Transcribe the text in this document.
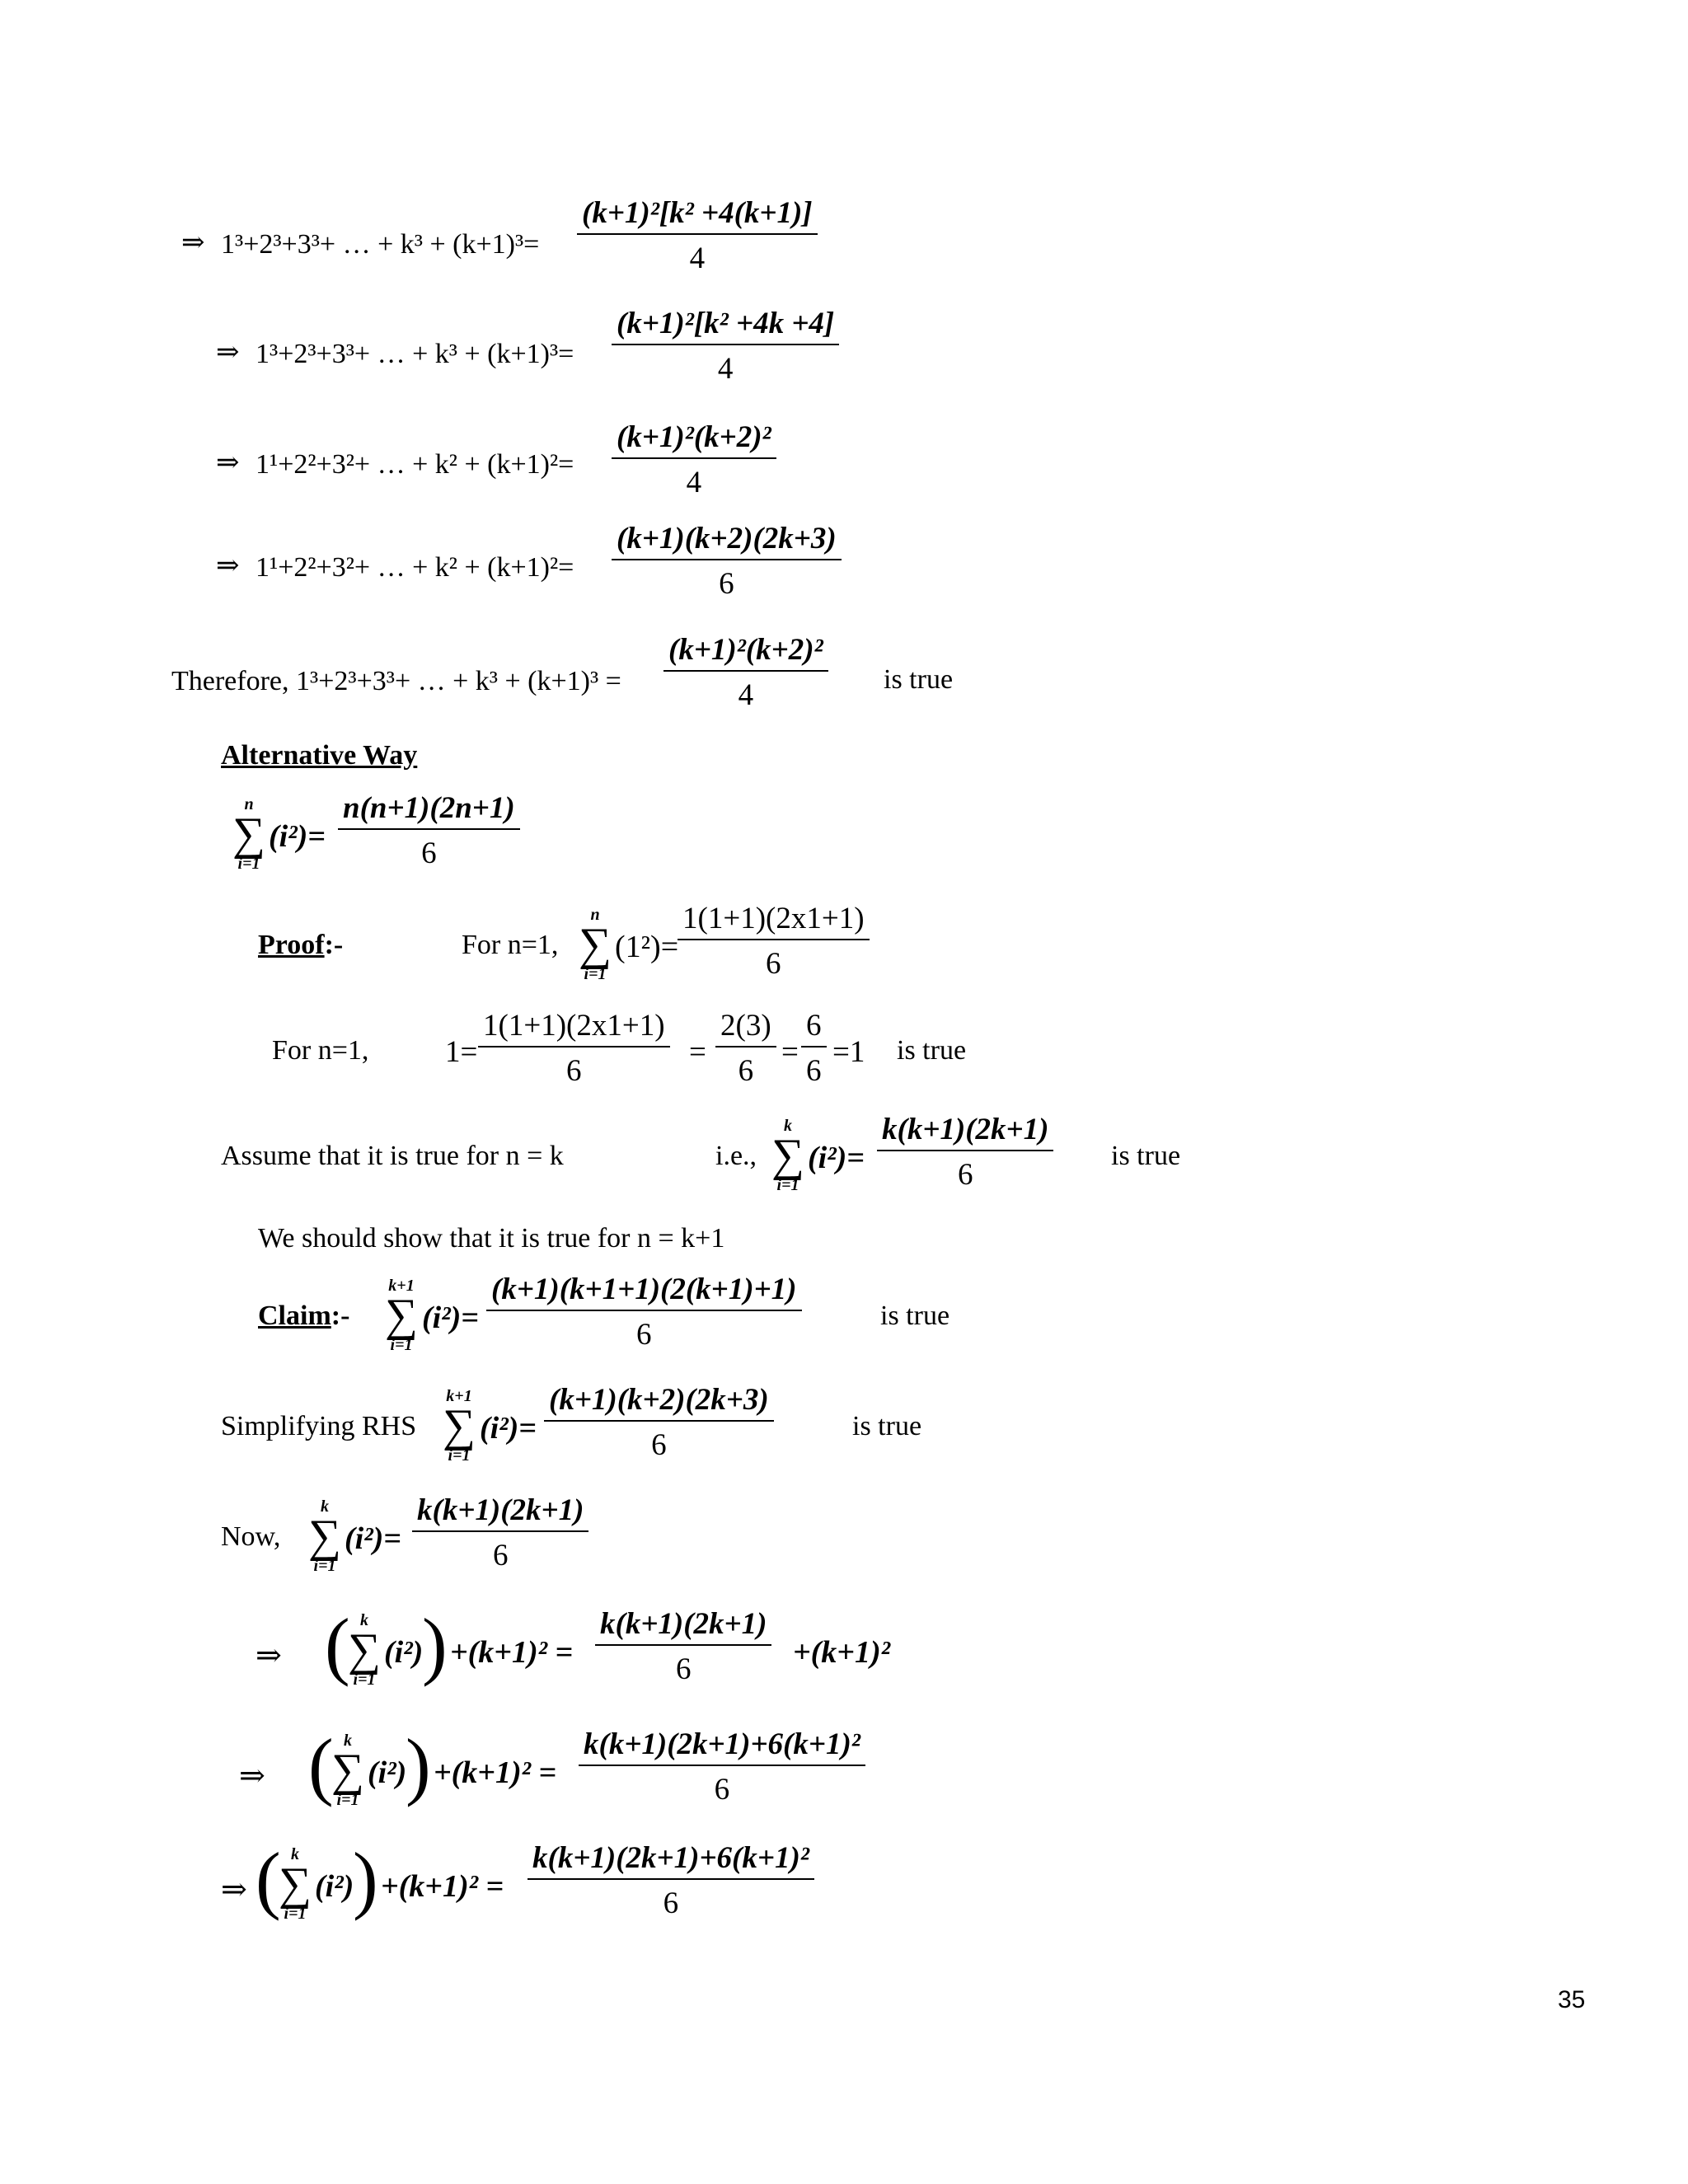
⇒ 1³+2³+3³+ … + $k^3 + (k+1)^3= \frac{\text{(k+1)²[k² +4(k+1)]}}{4}$
⇒ 1³+2³+3³+ … + $k^3 + (k+1)^3= \frac{\text{(k+1)²[k² +4k +4]}}{4}$
⇒ 1¹+2²+3²+ … + $k^2 + (k+1)^2= \frac{\text{(k+1)²(k+2)²}}{4}$
⇒ 1¹+2²+3²+ … + $k^2 + (k+1)^2= \frac{(k+1)(k+2)(2k+3)}{6}$
Therefore, 1³+2³+3³+ … + $k^3 + (k+1)^3 = \frac{\text{(k+1)²(k+2)²}}{4}$ is true
Alternative Way
n
∑
i=1
$(i^2)= \frac{n(n+1)(2n+1)}{6}$
Proof:-	For n=1,
n
∑
i=1
(1²)=
$\frac{1(1+1)(2x1+1)}{6}$
For n=1,	$1= \frac{1(1+1)(2x1+1)}{6} = \frac{2(3)}{6} = \frac{6}{6} =1$ is true
Assume that it is true for n = k	i.e.,
k
∑
i=1
$(i^2)= \frac{k(k+1)(2k+1)}{6}$ is true
We should show that it is true for n = k+1
Claim:-
k+1
∑
i=1
$(i^2)= \frac{(k+1)(k+1+1)(2(k+1)+1)}{6}$	is true
Simplifying RHS
k+1
∑
i=1
$(i^2)= \frac{(k+1)(k+2)(2k+3)}{6}$	is true
Now,
k
∑
i=1
$(i^2)= \frac{k(k+1)(2k+1)}{6}$
⇒ ( k
∑
i=1
(i²)
) $+(k+1)^2 = \frac{k(k+1)(2k+1)}{6} +(k+1)^2$
⇒ ( k
∑
i=1
(i²)
) $+(k+1)^2 = \frac{\text{k(k+1)(2k+1)+6(k+1)²}}{6}$
⇒ ( k
∑
i=1
(i²)
) $+(k+1)^2 = \frac{\text{k(k+1)(2k+1)+6(k+1)²}}{6}$
35
